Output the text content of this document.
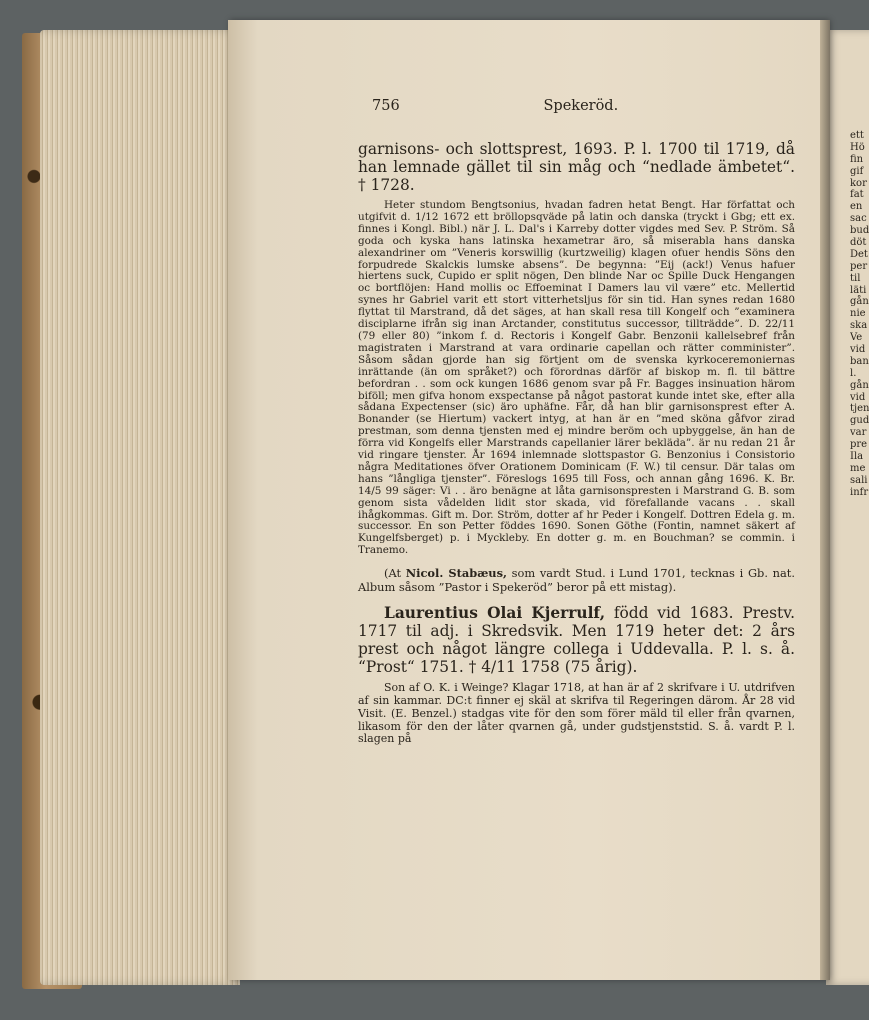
756	Spekeröd.

garnisons- och slottsprest, 1693. P. l. 1700 til 1719, då han lemnade gället til sin måg och “nedlade ämbetet“. † 1728.

Heter stundom Bengtsonius, hvadan fadren hetat Bengt. Har författat och utgifvit d. 1/12 1672 ett bröllopsqväde på latin och danska (tryckt i Gbg; ett ex. finnes i Kongl. Bibl.) när J. L. Dal's i Karreby dotter vigdes med Sev. P. Ström. Så goda och kyska hans latinska hexametrar äro, så miserabla hans danska alexandriner om ”Veneris korswillig (kurtzweilig) klagen ofuer hendis Söns den forpudrede Skalckis lumske absens”. De begynna: ”Eij (ack!) Venus hafuer hiertens suck, Cupido er split nögen, Den blinde Nar oc Spille Duck Hengangen oc bortflöjen: Hand mollis oc Effoeminat I Damers lau vil være” etc. Mellertid synes hr Gabriel varit ett stort vitterhetsljus för sin tid. Han synes redan 1680 flyttat til Marstrand, då det säges, at han skall resa till Kongelf och ”examinera disciplarne ifrån sig inan Arctander, constitutus successor, tillträdde”. D. 22/11 (79 eller 80) ”inkom f. d. Rectoris i Kongelf Gabr. Benzonii kallelsebref från magistraten i Marstrand at vara ordinarie capellan och rätter comminister”. Såsom sådan gjorde han sig förtjent om de svenska kyrkoceremoniernas inrättande (än om språket?) och förordnas därför af biskop m. fl. til bättre befordran . . som ock kungen 1686 genom svar på Fr. Bagges insinuation härom biföll; men gifva honom exspectanse på något pastorat kunde intet ske, efter alla sådana Expectenser (sic) äro uphäfne. Får, då han blir garnisonsprest efter A. Bonander (se Hiertum) vackert intyg, at han är en ”med sköna gåfvor zirad prestman, som denna tjensten med ej mindre beröm och upbyggelse, än han de förra vid Kongelfs eller Marstrands capellanier lärer bekläda”. är nu redan 21 år vid ringare tjenster. År 1694 inlemnade slottspastor G. Benzonius i Consistorio några Meditationes öfver Orationem Dominicam (F. W.) til censur. Där talas om hans ”långliga tjenster”. Föreslogs 1695 till Foss, och annan gång 1696. K. Br. 14/5 99 säger: Vi . . äro benägne at låta garnisonspresten i Marstrand G. B. som genom sista vådelden lidit stor skada, vid förefallande vacans . . skall ihågkommas. Gift m. Dor. Ström, dotter af hr Peder i Kongelf. Dottren Edela g. m. successor. En son Petter föddes 1690. Sonen Göthe (Fontin, namnet säkert af Kungelfsberget) p. i Myckleby. En dotter g. m. en Bouchman? se commin. i Tranemo.

(At Nicol. Stabæus, som vardt Stud. i Lund 1701, tecknas i Gb. nat. Album såsom ”Pastor i Spekeröd” beror på ett mistag).

Laurentius Olai Kjerrulf, född vid 1683. Prestv. 1717 til adj. i Skredsvik. Men 1719 heter det: 2 års prest och något längre collega i Uddevalla. P. l. s. å. “Prost“ 1751. † 4/11 1758 (75 årig).

Son af O. K. i Weinge? Klagar 1718, at han är af 2 skrifvare i U. utdrifven af sin kammar. DC:t finner ej skäl at skrifva til Regeringen därom. År 28 vid Visit. (E. Benzel.) stadgas vite för den som förer mäld til eller från qvarnen, likasom för den der låter qvarnen gå, under gudstjenststid. S. å. vardt P. l. slagen på

ett
Hö
fin
gif
kor
fat
en
sac
bud
döt
Det
per
til
läti
gån
nie
ska
Ve
vid
ban
l.
gån
vid
tjen
gud
var
pre
Ila
me
sali
infr
